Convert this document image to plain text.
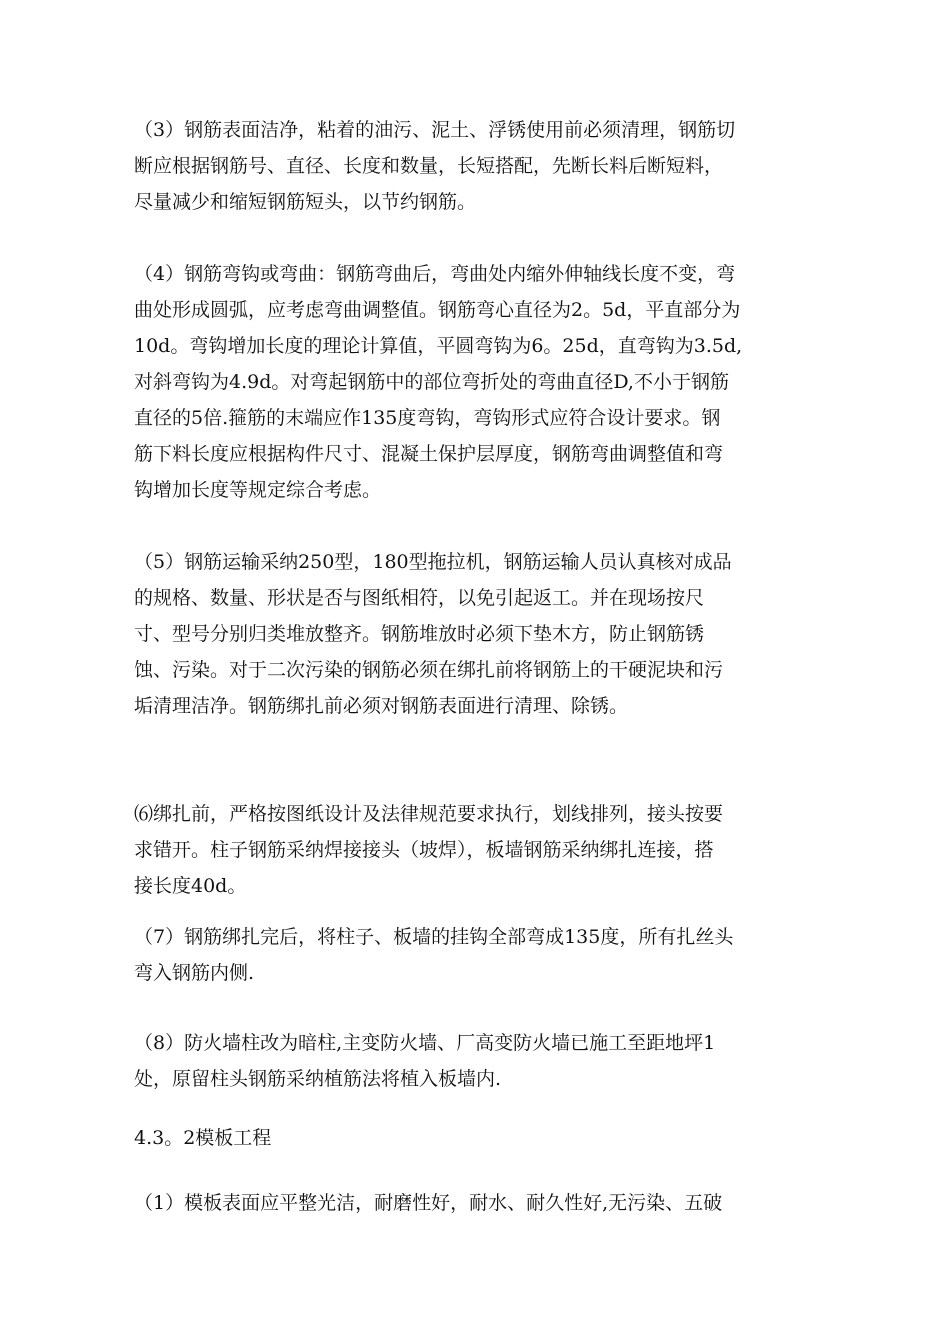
（3）钢筋表面洁净，粘着的油污、泥土、浮锈使用前必须清理，钢筋切
断应根据钢筋号、直径、长度和数量，长短搭配，先断长料后断短料，
尽量减少和缩短钢筋短头，以节约钢筋。
（4）钢筋弯钩或弯曲：钢筋弯曲后，弯曲处内缩外伸轴线长度不变，弯
曲处形成圆弧，应考虑弯曲调整值。钢筋弯心直径为2。5d，平直部分为
10d。弯钩增加长度的理论计算值，平圆弯钩为6。25d，直弯钩为3.5d,
对斜弯钩为4.9d。对弯起钢筋中的部位弯折处的弯曲直径D,不小于钢筋
直径的5倍.箍筋的末端应作135度弯钩，弯钩形式应符合设计要求。钢
筋下料长度应根据构件尺寸、混凝土保护层厚度，钢筋弯曲调整值和弯
钩增加长度等规定综合考虑。
（5）钢筋运输采纳250型，180型拖拉机，钢筋运输人员认真核对成品
的规格、数量、形状是否与图纸相符，以免引起返工。并在现场按尺
寸、型号分别归类堆放整齐。钢筋堆放时必须下垫木方，防止钢筋锈
蚀、污染。对于二次污染的钢筋必须在绑扎前将钢筋上的干硬泥块和污
垢清理洁净。钢筋绑扎前必须对钢筋表面进行清理、除锈。
⑹绑扎前，严格按图纸设计及法律规范要求执行，划线排列，接头按要
求错开。柱子钢筋采纳焊接接头（坡焊），板墙钢筋采纳绑扎连接，搭
接长度40d。
（7）钢筋绑扎完后，将柱子、板墙的挂钩全部弯成135度，所有扎丝头
弯入钢筋内侧.
（8）防火墙柱改为暗柱,主变防火墙、厂高变防火墙已施工至距地坪1
处，原留柱头钢筋采纳植筋法将植入板墙内.
4.3。2模板工程
（1）模板表面应平整光洁，耐磨性好，耐水、耐久性好,无污染、五破
